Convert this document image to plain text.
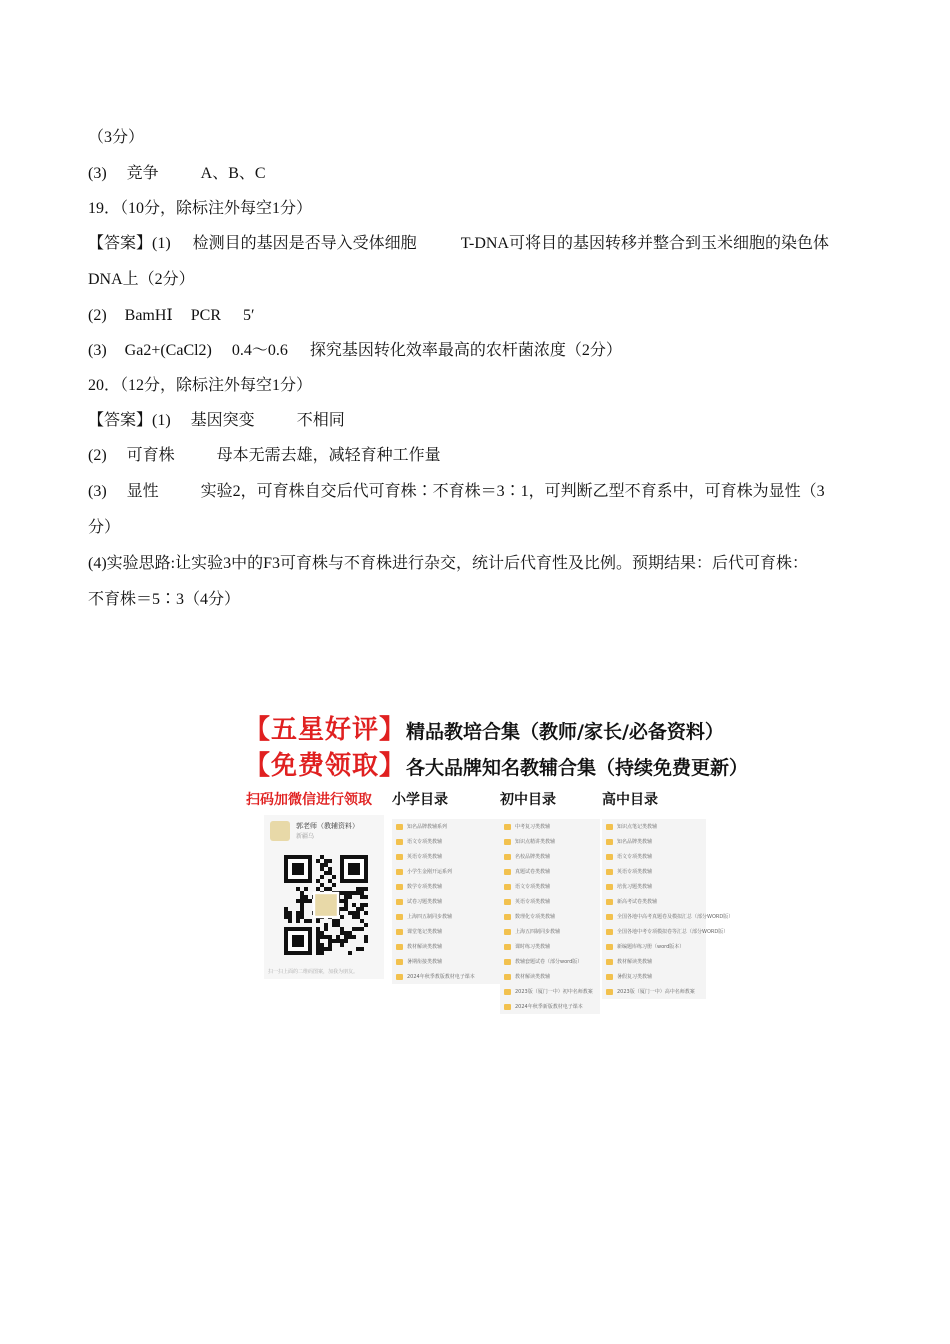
（3分）
(3) 竞争	A、B、C
19．（10分，除标注外每空1分）
【答案】(1) 检测目的基因是否导入受体细胞	T-DNA可将目的基因转移并整合到玉米细胞的染色体
DNA上（2分）
(2) BamHⅠ PCR 5′
(3) Ga2+(CaCl2) 0.4～0.6 探究基因转化效率最高的农杆菌浓度（2分）
20．（12分，除标注外每空1分）
【答案】(1) 基因突变	不相同
(2) 可育株	母本无需去雄，减轻育种工作量
(3) 显性	实验2，可育株自交后代可育株∶不育株＝3∶1，可判断乙型不育系中，可育株为显性（3
分）
(4)实验思路:让实验3中的F3可育株与不育株进行杂交，统计后代育性及比例。预期结果：后代可育株：
不育株＝5∶3（4分）
【五星好评】精品教培合集（教师/家长/必备资料）
【免费领取】各大品牌知名教辅合集（持续免费更新）
扫码加微信进行领取
郭老师（教辅资料）
新疆乌
扫一扫上面的二维码图案，加我为朋友。
小学目录
知名品牌教辅系列
语文专项类教辅
英语专项类教辅
小学生金刚开运系列
数学专项类教辅
试卷习题类教辅
上海四五制同步教辅
课堂笔记类教辅
教材解读类教辅
暑期衔接类教辅
2024年秋季教版教材电子课本
初中目录
中考复习类教辅
知识点精讲类教辅
名校品牌类教辅
真题试卷类教辅
语文专项类教辅
英语专项类教辅
数理化专项类教辅
上海五四制同步教辅
课时练习类教辅
教辅套题试卷（部分word版）
教材解读类教辅
2023版（厦门一中）初中名师教案
2024年秋季新版教材电子课本
高中目录
知识点笔记类教辅
知名品牌类教辅
语文专项类教辅
英语专项类教辅
培优习题类教辅
新高考试卷类教辅
全国各地中高考真题卷及模拟汇总（部分WORD版）
全国各地中考专项模拟卷等汇总（部分WORD版）
新编题库练习册（word版本）
教材解读类教辅
暑假复习类教辅
2023版（厦门一中）高中名师教案
